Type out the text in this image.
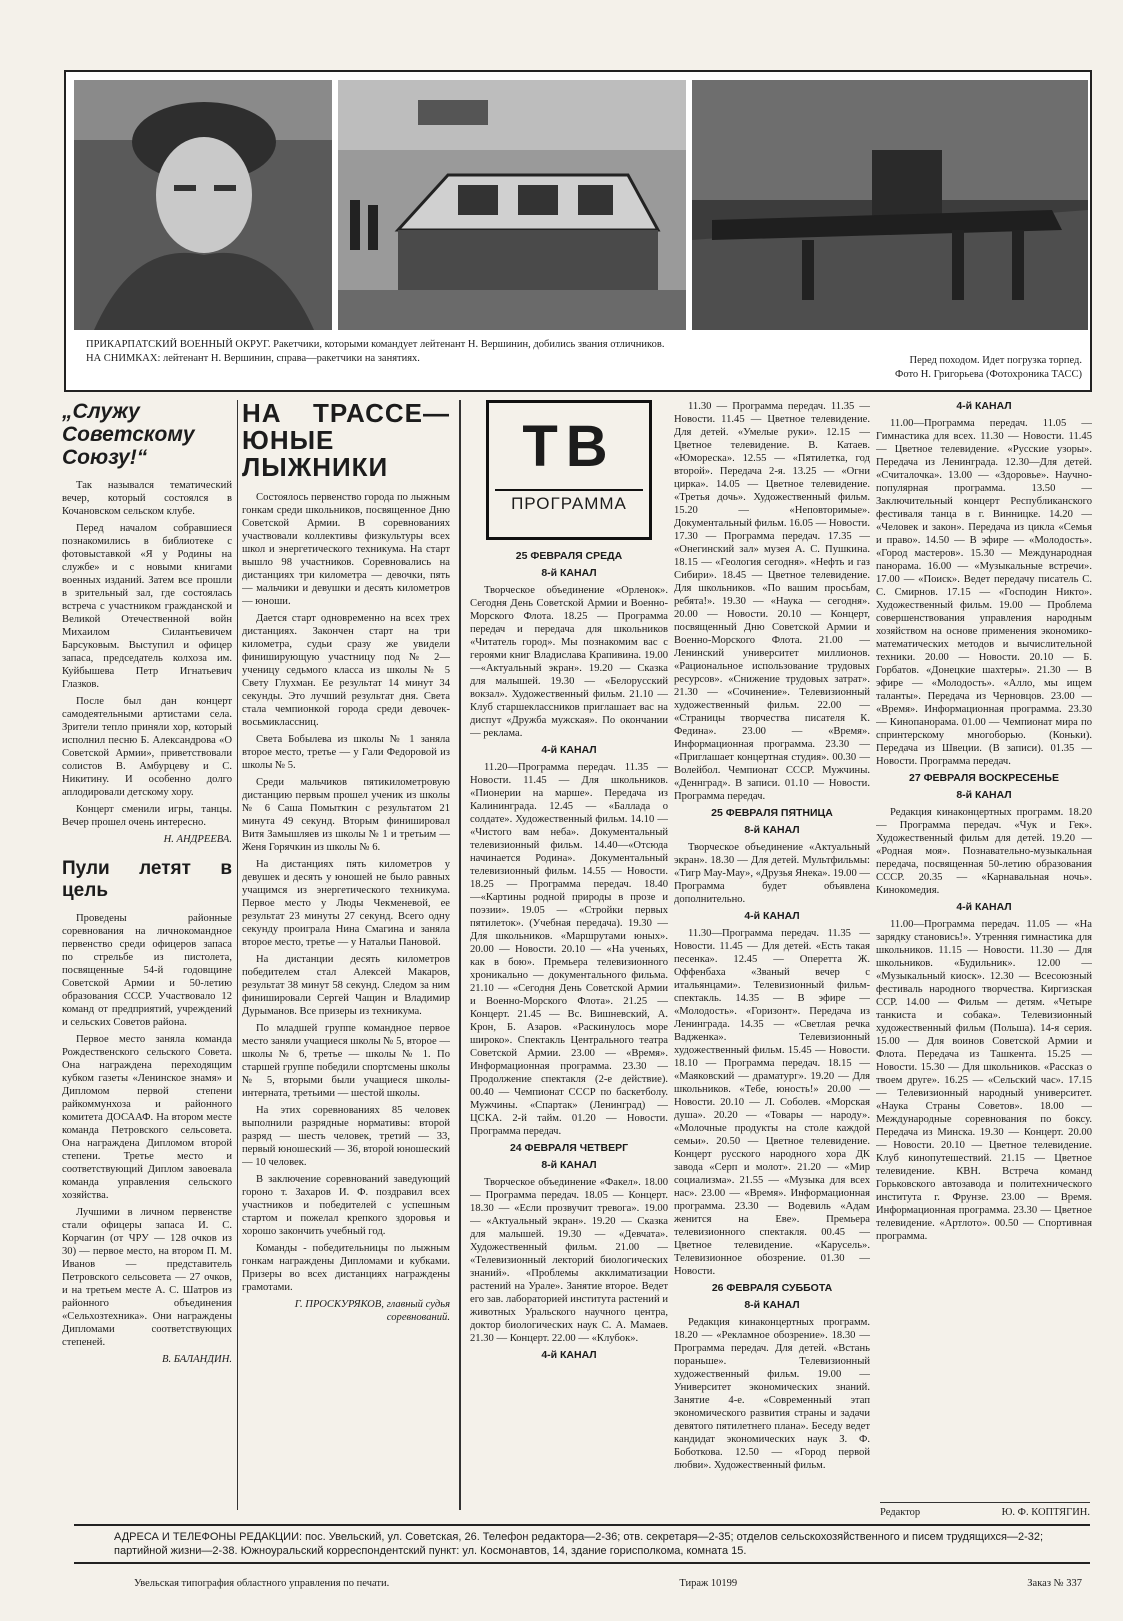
ПРИКАРПАТСКИЙ ВОЕННЫЙ ОКРУГ. Ракетчики, которыми командует лейтенант Н. Вершинин, добились звания отличников.
НА СНИМКАХ: лейтенант Н. Вершинин, справа—ракетчики на занятиях.	Перед походом. Идет погрузка торпед.
Фото Н. Григорьева (Фотохроника ТАСС)
„Служу Советскому Союзу!“

Так назывался тематический вечер, который состоялся в Кочановском сельском клубе.

Перед началом собравшиеся познакомились в библиотеке с фотовыставкой «Я у Родины на службе» и с новыми книгами военных изданий. Затем все прошли в зрительный зал, где состоялась встреча с участником гражданской и Великой Отечественной войн Михаилом Силантьевичем Барсуковым. Выступил и офицер запаса, председатель колхоза им. Куйбышева Петр Игнатьевич Глазков.

После был дан концерт самодеятельными артистами села. Зрители тепло приняли хор, который исполнил песню Б. Александрова «О Советской Армии», приветствовали солистов В. Амбурцеву и С. Никитину. И особенно долго аплодировали детскому хору.

Концерт сменили игры, танцы. Вечер прошел очень интересно.

Н. АНДРЕЕВА.

Пули летят в цель

Проведены районные соревнования на личнокомандное первенство среди офицеров запаса по стрельбе из пистолета, посвященные 54-й годовщине Советской Армии и 50-летию образования СССР. Участвовало 12 команд от предприятий, учреждений и сельских Советов района.

Первое место заняла команда Рождественского сельского Совета. Она награждена переходящим кубком газеты «Ленинское знамя» и Дипломом первой степени райкоммунхоза и районного комитета ДОСААФ. На втором месте команда Петровского сельсовета. Она награждена Дипломом второй степени. Третье место и соответствующий Диплом завоевала команда управления сельского хозяйства.

Лучшими в личном первенстве стали офицеры запаса И. С. Корчагин (от ЧРУ — 128 очков из 30) — первое место, на втором П. М. Иванов — представитель Петровского сельсовета — 27 очков, и на третьем месте А. С. Шатров из районного объединения «Сельхозтехника». Они награждены Дипломами соответствующих степеней.

В. БАЛАНДИН.

НА ТРАССЕ— ЮНЫЕ ЛЫЖНИКИ

Состоялось первенство города по лыжным гонкам среди школьников, посвященное Дню Советской Армии. В соревнованиях участвовали коллективы физкультуры всех школ и энергетического техникума. На старт вышло 98 участников. Соревновались на дистанциях три километра — девочки, пять — мальчики и девушки и десять километров — юноши.

Дается старт одновременно на всех трех дистанциях. Закончен старт на три километра, судьи сразу же увидели финиширующую участницу под № 2—ученицу седьмого класса из школы № 5 Свету Глухман. Ее результат 14 минут 34 секунды. Это лучший результат дня. Света стала чемпионкой города среди девочек-восьмиклассниц.

Света Бобылева из школы № 1 заняла второе место, третье — у Гали Федоровой из школы № 5.

Среди мальчиков пятикилометровую дистанцию первым прошел ученик из школы № 6 Саша Помыткин с результатом 21 минута 49 секунд. Вторым финишировал Витя Замышляев из школы № 1 и третьим — Женя Горячкин из школы № 6.

На дистанциях пять километров у девушек и десять у юношей не было равных учащимся из энергетического техникума. Первое место у Люды Чекменевой, ее результат 23 минуты 27 секунд. Всего одну секунду проиграла Нина Смагина и заняла второе место, третье — у Натальи Пановой.

На дистанции десять километров победителем стал Алексей Макаров, результат 38 минут 58 секунд. Следом за ним финишировали Сергей Чащин и Владимир Дурыманов. Все призеры из техникума.

По младшей группе командное первое место заняли учащиеся школы № 5, второе — школы № 6, третье — школы № 1. По старшей группе победили спортсмены школы № 5, вторыми были учащиеся школы-интерната, третьими — шестой школы.

На этих соревнованиях 85 человек выполнили разрядные нормативы: второй разряд — шесть человек, третий — 33, первый юношеский — 36, второй юношеский — 10 человек.

В заключение соревнований заведующий гороно т. Захаров И. Ф. поздравил всех участников и победителей с успешным стартом и пожелал крепкого здоровья и хорошо закончить учебный год.

Команды - победительницы по лыжным гонкам награждены Дипломами и кубками. Призеры во всех дистанциях награждены грамотами.

Г. ПРОСКУРЯКОВ, главный судья соревнований.

ТВ
ПРОГРАММА

25 ФЕВРАЛЯ СРЕДА

8-й КАНАЛ

Творческое объединение «Орленок». Сегодня День Советской Армии и Военно-Морского Флота. 18.25 — Программа передач и передача для школьников «Читатель город». Мы познакомим вас с героями книг Владислава Крапивина. 19.00—«Актуальный экран». 19.20 — Сказка для малышей. 19.30 — «Белорусский вокзал». Художественный фильм. 21.10 — Клуб старшеклассников приглашает вас на диспут «Дружба мужская». По окончании — реклама.

4-й КАНАЛ

11.20—Программа передач. 11.35 — Новости. 11.45 — Для школьников. «Пионерии на марше». Передача из Калининграда. 12.45 — «Баллада о солдате». Художественный фильм. 14.10 — «Чистого вам неба». Документальный телевизионный фильм. 14.40—«Отсюда начинается Родина». Документальный телевизионный фильм. 14.55 — Новости. 18.25 — Программа передач. 18.40—«Картины родной природы в прозе и поэзии». 19.05 — «Стройки первых пятилеток». (Учебная передача). 19.30 — Для школьников. «Маршрутами юных». 20.00 — Новости. 20.10 — «На ученьях, как в бою». Премьера телевизионного хроникально — документального фильма. 21.10 — «Сегодня День Советской Армии и Военно-Морского Флота». 21.25 — Концерт. 21.45 — Вс. Вишневский, А. Крон, Б. Азаров. «Раскинулось море широко». Спектакль Центрального театра Советской Армии. 23.00 — «Время». Информационная программа. 23.30 — Продолжение спектакля (2-е действие). 00.40 — Чемпионат СССР по баскетболу. Мужчины. «Спартак» (Ленинград) — ЦСКА. 2-й тайм. 01.20 — Новости. Программа передач.

24 ФЕВРАЛЯ ЧЕТВЕРГ

8-й КАНАЛ

Творческое объединение «Факел». 18.00 — Программа передач. 18.05 — Концерт. 18.30 — «Если прозвучит тревога». 19.00 — «Актуальный экран». 19.20 — Сказка для малышей. 19.30 — «Девчата». Художественный фильм. 21.00 — «Телевизионный лекторий биологических знаний». «Проблемы акклиматизации растений на Урале». Занятие второе. Ведет его зав. лабораторией института растений и животных Уральского научного центра, доктор биологических наук С. А. Мамаев. 21.30 — Концерт. 22.00 — «Клубок».

4-й КАНАЛ

11.30 — Программа передач. 11.35 — Новости. 11.45 — Цветное телевидение. Для детей. «Умелые руки». 12.15 — Цветное телевидение. В. Катаев. «Юмореска». 12.55 — «Пятилетка, год второй». Передача 2-я. 13.25 — «Огни цирка». 14.05 — Цветное телевидение. «Третья дочь». Художественный фильм. 15.20 — «Неповторимые». Документальный фильм. 16.05 — Новости. 17.30 — Программа передач. 17.35 — «Онегинский зал» музея А. С. Пушкина. 18.15 — «Геология сегодня». «Нефть и газ Сибири». 18.45 — Цветное телевидение. Для школьников. «По вашим просьбам, ребята!». 19.30 — «Наука — сегодня». 20.00 — Новости. 20.10 — Концерт, посвященный Дню Советской Армии и Военно-Морского Флота. 21.00 — Ленинский университет миллионов. «Рациональное использование трудовых ресурсов». «Снижение трудовых затрат». 21.30 — «Сочинение». Телевизионный художественный фильм. 22.00 — «Страницы творчества писателя К. Федина». 23.00 — «Время». Информационная программа. 23.30 — «Приглашает концертная студия». 00.30 — Волейбол. Чемпионат СССР. Мужчины. «Деннград». В записи. 01.10 — Новости. Программа передач.

25 ФЕВРАЛЯ ПЯТНИЦА

8-й КАНАЛ

Творческое объединение «Актуальный экран». 18.30 — Для детей. Мультфильмы: «Тигр Мау-Мау», «Друзья Янека». 19.00 — Программа будет объявлена дополнительно.

4-й КАНАЛ

11.30—Программа передач. 11.35 — Новости. 11.45 — Для детей. «Есть такая песенка». 12.45 — Оперетта Ж. Оффенбаха «Званый вечер с итальянцами». Телевизионный фильм-спектакль. 14.35 — В эфире — «Молодость». «Горизонт». Передача из Ленинграда. 14.35 — «Светлая речка Вадженка». Телевизионный художественный фильм. 15.45 — Новости. 18.10 — Программа передач. 18.15 — «Маяковский — драматург». 19.20 — Для школьников. «Тебе, юность!» 20.00 — Новости. 20.10 — Л. Соболев. «Морская душа». 20.20 — «Товары — народу». «Молочные продукты на столе каждой семьи». 20.50 — Цветное телевидение. Концерт русского народного хора ДК завода «Серп и молот». 21.20 — «Мир социализма». 21.55 — «Музыка для всех нас». 23.00 — «Время». Информационная программа. 23.30 — Водевиль «Адам женится на Еве». Премьера телевизионного спектакля. 00.45 — Цветное телевидение. «Карусель». Телевизионное обозрение. 01.30 — Новости.

26 ФЕВРАЛЯ СУББОТА

8-й КАНАЛ

Редакция кинаконцертных программ. 18.20 — «Рекламное обозрение». 18.30 — Программа передач. Для детей. «Встань пораньше». Телевизионный художественный фильм. 19.00 — Университет экономических знаний. Занятие 4-е. «Современный этап экономического развития страны и задачи девятого пятилетнего плана». Беседу ведет кандидат экономических наук З. Ф. Боботкова. 12.50 — «Город первой любви». Художественный фильм.

4-й КАНАЛ

11.00—Программа передач. 11.05 — Гимнастика для всех. 11.30 — Новости. 11.45 — Цветное телевидение. «Русские узоры». Передача из Ленинграда. 12.30—Для детей. «Считалочка». 13.00 — «Здоровье». Научно-популярная программа. 13.50 — Заключительный концерт Республиканского фестиваля танца в г. Винницке. 14.20 — «Человек и закон». Передача из цикла «Семья и право». 14.50 — В эфире — «Молодость». «Город мастеров». 15.30 — Международная панорама. 16.00 — «Музыкальные встречи». 17.00 — «Поиск». Ведет передачу писатель С. С. Смирнов. 17.15 — «Господин Никто». Художественный фильм. 19.00 — Проблема совершенствования управления народным хозяйством на основе применения экономико-математических методов и вычислительной техники. 20.00 — Новости. 20.10 — Б. Горбатов. «Донецкие шахтеры». 21.30 — В эфире — «Молодость». «Алло, мы ищем таланты». Передача из Черновцов. 23.00 — «Время». Информационная программа. 23.30 — Кинопанорама. 01.00 — Чемпионат мира по спринтерскому многоборью. (Коньки). Передача из Швеции. (В записи). 01.35 — Новости. Программа передач.

27 ФЕВРАЛЯ ВОСКРЕСЕНЬЕ

8-й КАНАЛ

Редакция кинаконцертных программ. 18.20 — Программа передач. «Чук и Гек». Художественный фильм для детей. 19.20 — «Родная моя». Познавательно-музыкальная передача, посвященная 50-летию образования СССР. 20.35 — «Карнавальная ночь». Кинокомедия.

4-й КАНАЛ

11.00—Программа передач. 11.05 — «На зарядку становись!». Утренняя гимнастика для школьников. 11.15 — Новости. 11.30 — Для школьников. «Будильник». 12.00 — «Музыкальный киоск». 12.30 — Всесоюзный фестиваль народного творчества. Киргизская ССР. 14.00 — Фильм — детям. «Четыре танкиста и собака». Телевизионный художественный фильм (Польша). 14-я серия. 15.00 — Для воинов Советской Армии и Флота. Передача из Ташкента. 15.25 — Новости. 15.30 — Для школьников. «Рассказ о твоем друге». 16.25 — «Сельский час». 17.15 — Телевизионный народный университет. «Наука Страны Советов». 18.00 — Международные соревнования по боксу. Передача из Минска. 19.30 — Концерт. 20.00 — Новости. 20.10 — Цветное телевидение. Клуб кинопутешествий. 21.15 — Цветное телевидение. КВН. Встреча команд Горьковского автозавода и политехнического института г. Фрунзе. 23.00 — Время. Информационная программа. 23.30 — Цветное телевидение. «Артлото». 00.50 — Спортивная программа.

Редактор	Ю. Ф. КОПТЯГИН.
АДРЕСА И ТЕЛЕФОНЫ РЕДАКЦИИ: пос. Увельский, ул. Советская, 26. Телефон редактора—2-36; отв. секретаря—2-35; отделов сельскохозяйственного и писем трудящихся—2-32; партийной жизни—2-38. Южноуральский корреспондентский пункт: ул. Космонавтов, 14, здание горисполкома, комната 15.
Увельская типография областного управления по печати.	Тираж 10199	Заказ № 337
